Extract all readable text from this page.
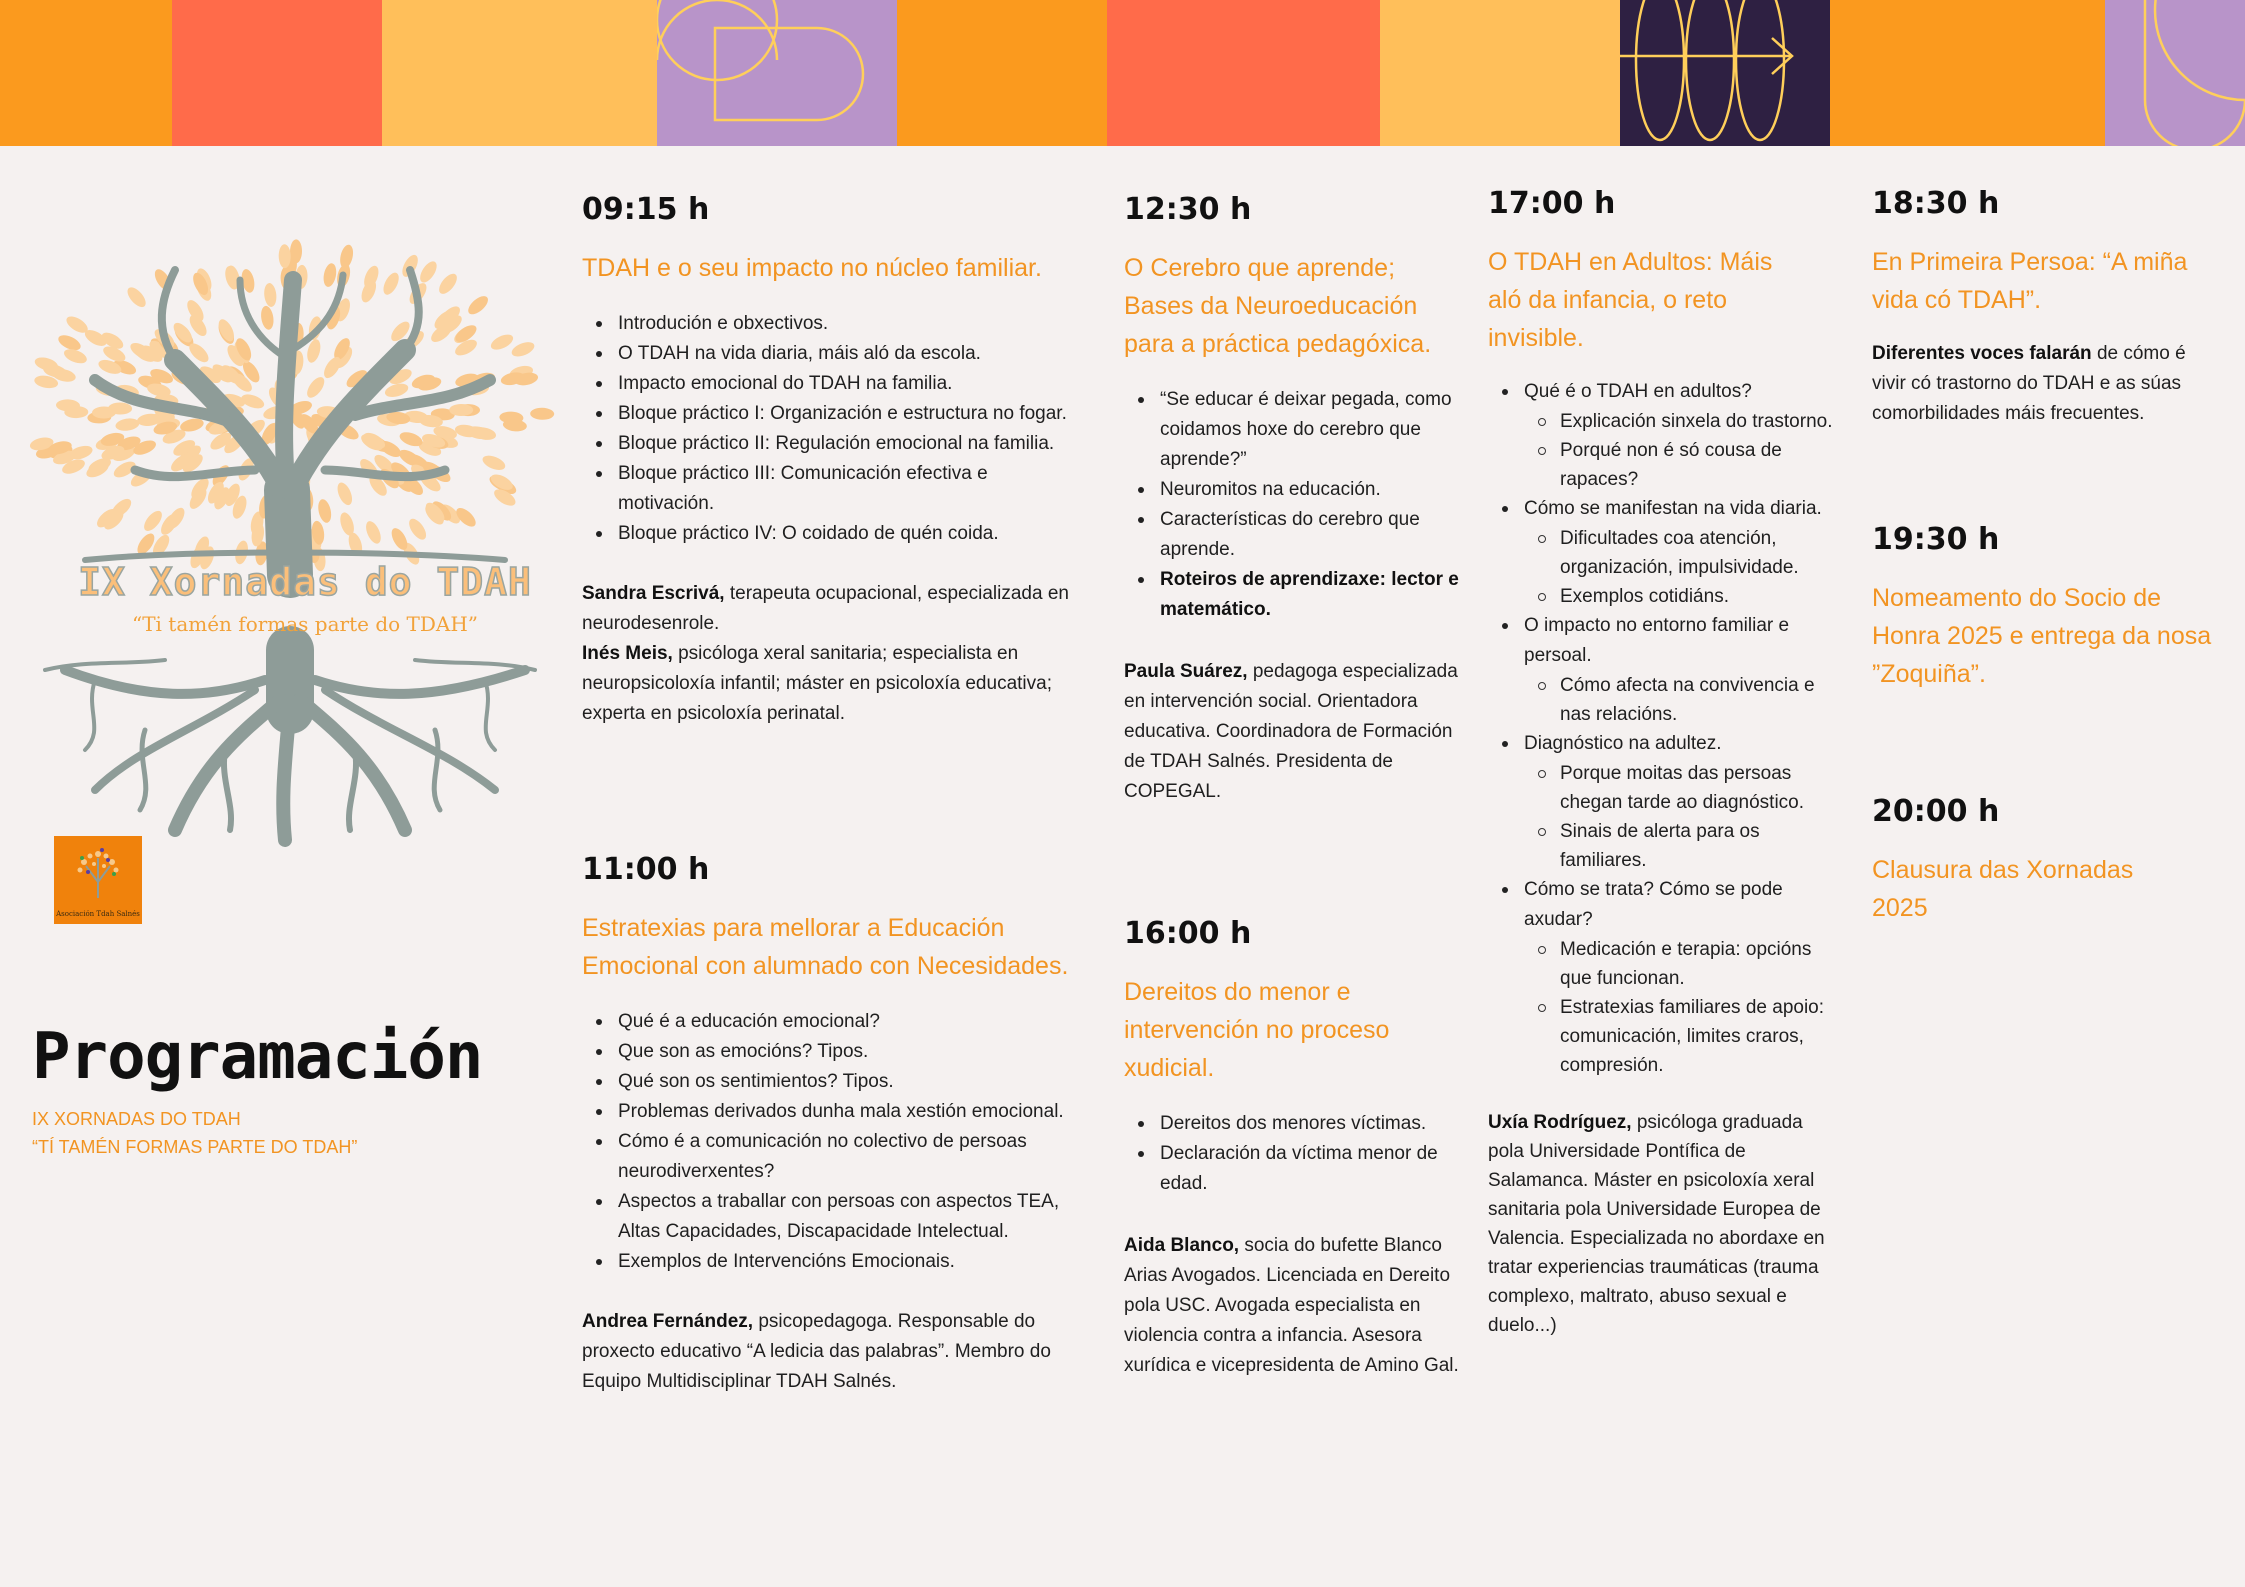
IX Xornadas do TDAH
“Ti tamén formas parte do TDAH”
Asociación Tdah Salnés
Programación
IX XORNADAS DO TDAH
“TÍ TAMÉN FORMAS PARTE DO TDAH”
09:15 h
TDAH e o seu impacto no núcleo familiar.
Introdución e obxectivos.
O TDAH na vida diaria, máis aló da escola.
Impacto emocional do TDAH na familia.
Bloque práctico I: Organización e estructura no fogar.
Bloque práctico II: Regulación emocional na familia.
Bloque práctico III: Comunicación efectiva e motivación.
Bloque práctico IV: O coidado de quén coida.
Sandra Escrivá, terapeuta ocupacional, especializada en neurodesenrole.
Inés Meis, psicóloga xeral sanitaria; especialista en neuropsicoloxía infantil; máster en psicoloxía educativa; experta en psicoloxía perinatal.
11:00 h
Estratexias para mellorar a Educación Emocional con alumnado con Necesidades.
Qué é a educación emocional?
Que son as emocións? Tipos.
Qué son os sentimientos? Tipos.
Problemas derivados dunha mala xestión emocional.
Cómo é a comunicación no colectivo de persoas neurodiverxentes?
Aspectos a traballar con persoas con aspectos TEA, Altas Capacidades, Discapacidade Intelectual.
Exemplos de Intervencións Emocionais.
Andrea Fernández, psicopedagoga. Responsable do proxecto educativo “A ledicia das palabras”. Membro do Equipo Multidisciplinar TDAH Salnés.
12:30 h
O Cerebro que aprende; Bases da Neuroeducación para a práctica pedagóxica.
“Se educar é deixar pegada, como coidamos hoxe do cerebro que aprende?”
Neuromitos na educación.
Características do cerebro que aprende.
Roteiros de aprendizaxe: lector e matemático.
Paula Suárez, pedagoga especializada en intervención social. Orientadora educativa. Coordinadora de Formación de TDAH Salnés. Presidenta de COPEGAL.
16:00 h
Dereitos do menor e intervención no proceso xudicial.
Dereitos dos menores víctimas.
Declaración da víctima menor de edad.
Aida Blanco, socia do bufette Blanco Arias Avogados. Licenciada en Dereito pola USC. Avogada especialista en violencia contra a infancia. Asesora xurídica e vicepresidenta de Amino Gal.
17:00 h
O TDAH en Adultos: Máis aló da infancia, o reto invisible.
Qué é o TDAH en adultos?
Explicación sinxela do trastorno.
Porqué non é só cousa de rapaces?
Cómo se manifestan na vida diaria.
Dificultades coa atención, organización, impulsividade.
Exemplos cotidiáns.
O impacto no entorno familiar e persoal.
Cómo afecta na convivencia e nas relacións.
Diagnóstico na adultez.
Porque moitas das persoas chegan tarde ao diagnóstico.
Sinais de alerta para os familiares.
Cómo se trata? Cómo se pode axudar?
Medicación e terapia: opcións que funcionan.
Estratexias familiares de apoio: comunicación, limites craros, compresión.
Uxía Rodríguez, psicóloga graduada pola Universidade Pontífica de Salamanca. Máster en psicoloxía xeral sanitaria pola Universidade Europea de Valencia. Especializada no abordaxe en tratar experiencias traumáticas (trauma complexo, maltrato, abuso sexual e duelo...)
18:30 h
En Primeira Persoa: “A miña vida có TDAH”.
Diferentes voces falarán de cómo é vivir có trastorno do TDAH e as súas comorbilidades máis frecuentes.
19:30 h
Nomeamento do Socio de Honra 2025 e entrega da nosa ”Zoquiña”.
20:00 h
Clausura das Xornadas 2025
